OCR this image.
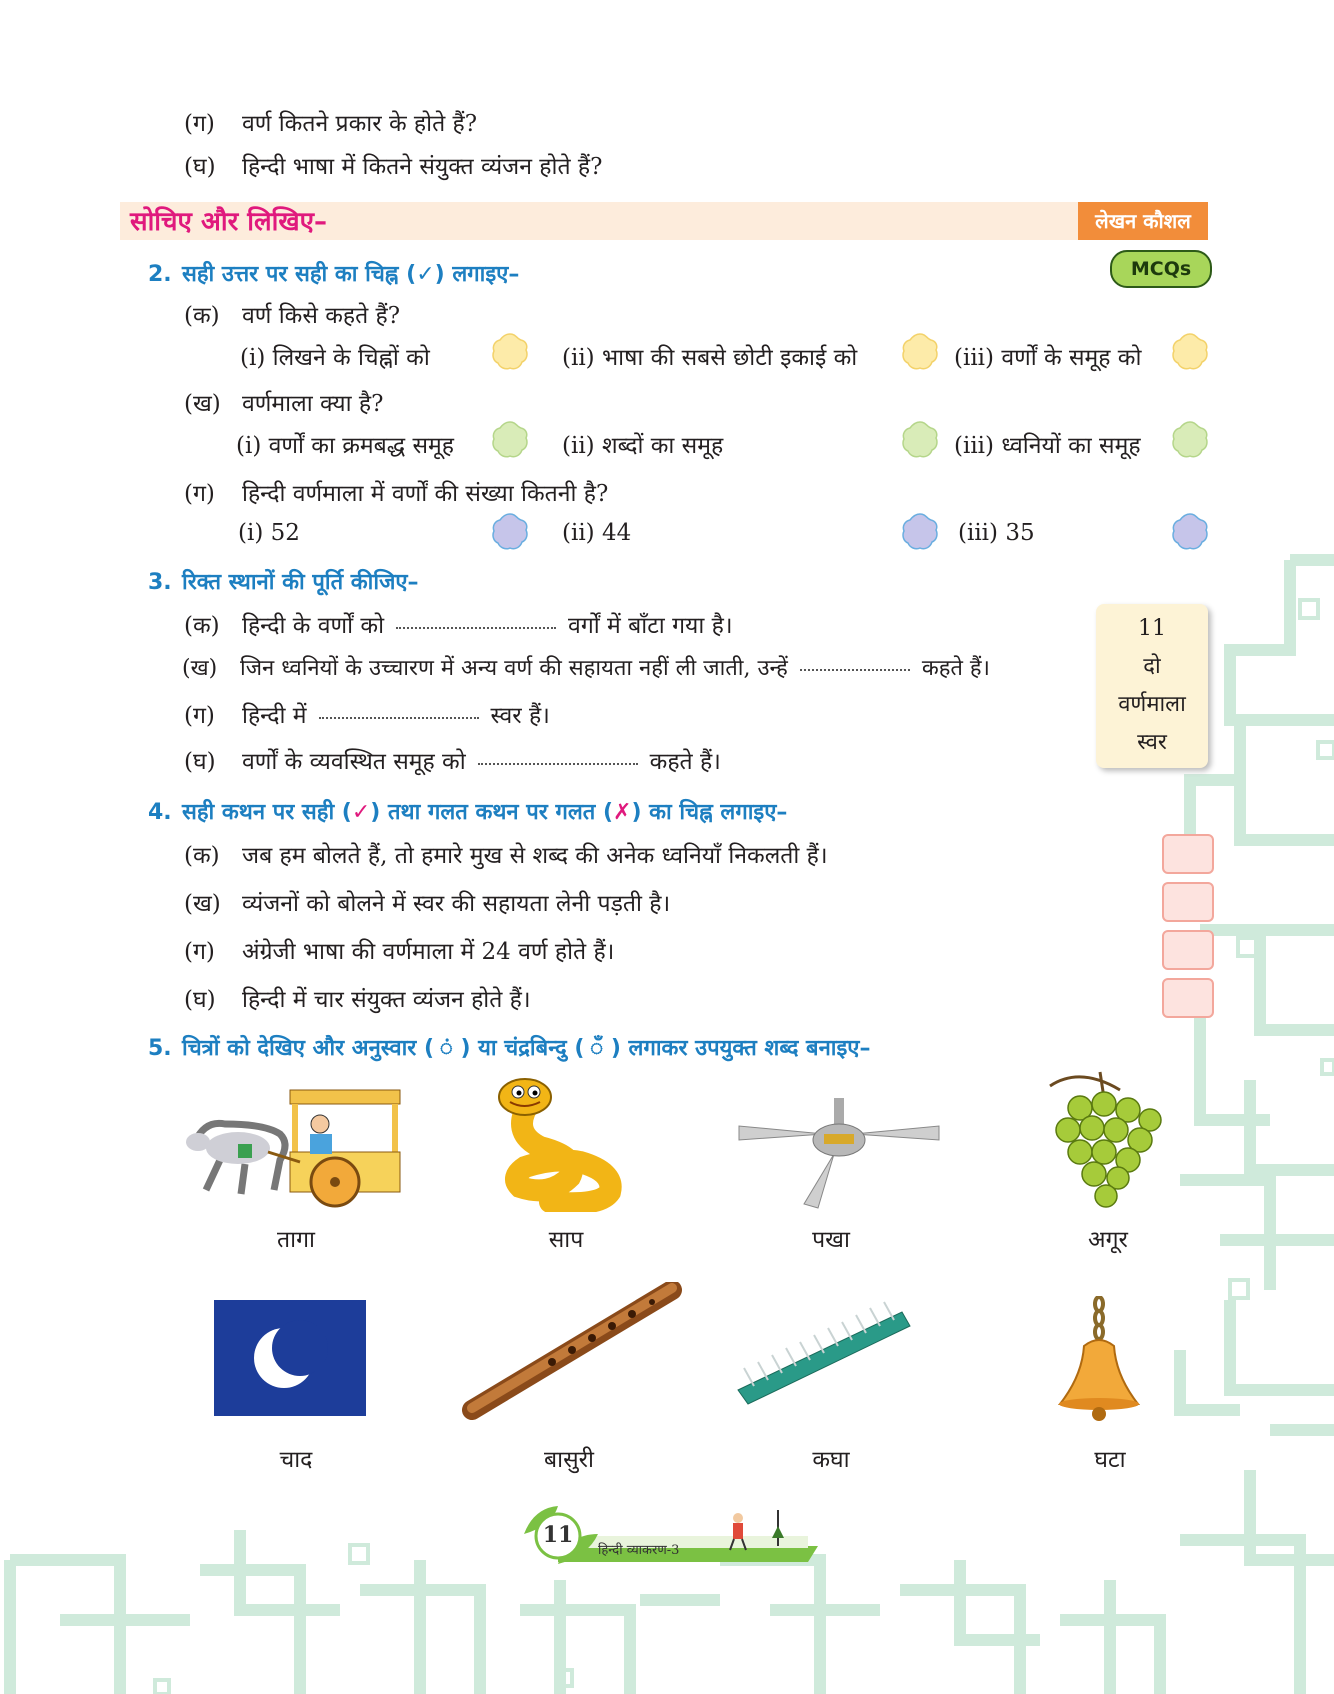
(ग) वर्ण कितने प्रकार के होते हैं?
(घ) हिन्दी भाषा में कितने संयुक्त व्यंजन होते हैं?
सोचिए और लिखिए–	लेखन कौशल
2. सही उत्तर पर सही का चिह्न (✓) लगाइए–	MCQs
(क) वर्ण किसे कहते हैं?
(i) लिखने के चिह्नों को	(ii) भाषा की सबसे छोटी इकाई को	(iii) वर्णों के समूह को
(ख) वर्णमाला क्या है?
(i) वर्णों का क्रमबद्ध समूह	(ii) शब्दों का समूह	(iii) ध्वनियों का समूह
(ग) हिन्दी वर्णमाला में वर्णों की संख्या कितनी है?
(i) 52	(ii) 44	(iii) 35
3. रिक्त स्थानों की पूर्ति कीजिए–
(क) हिन्दी के वर्णों को	वर्गों में बाँटा गया है।
(ख) जिन ध्वनियों के उच्चारण में अन्य वर्ण की सहायता नहीं ली जाती, उन्हें	कहते हैं।
(ग) हिन्दी में	स्वर हैं।
(घ) वर्णों के व्यवस्थित समूह को	कहते हैं।
11
दो
वर्णमाला
स्वर
4. सही कथन पर सही (✓) तथा गलत कथन पर गलत (✗) का चिह्न लगाइए–
(क) जब हम बोलते हैं, तो हमारे मुख से शब्द की अनेक ध्वनियाँ निकलती हैं।
(ख) व्यंजनों को बोलने में स्वर की सहायता लेनी पड़ती है।
(ग) अंग्रेजी भाषा की वर्णमाला में 24 वर्ण होते हैं।
(घ) हिन्दी में चार संयुक्त व्यंजन होते हैं।
5. चित्रों को देखिए और अनुस्वार ( ं ) या चंद्रबिन्दु ( ँ ) लगाकर उपयुक्त शब्द बनाइए–
तागा	साप	पखा	अगूर
चाद	बासुरी	कघा	घटा
11
हिन्दी व्याकरण-3
